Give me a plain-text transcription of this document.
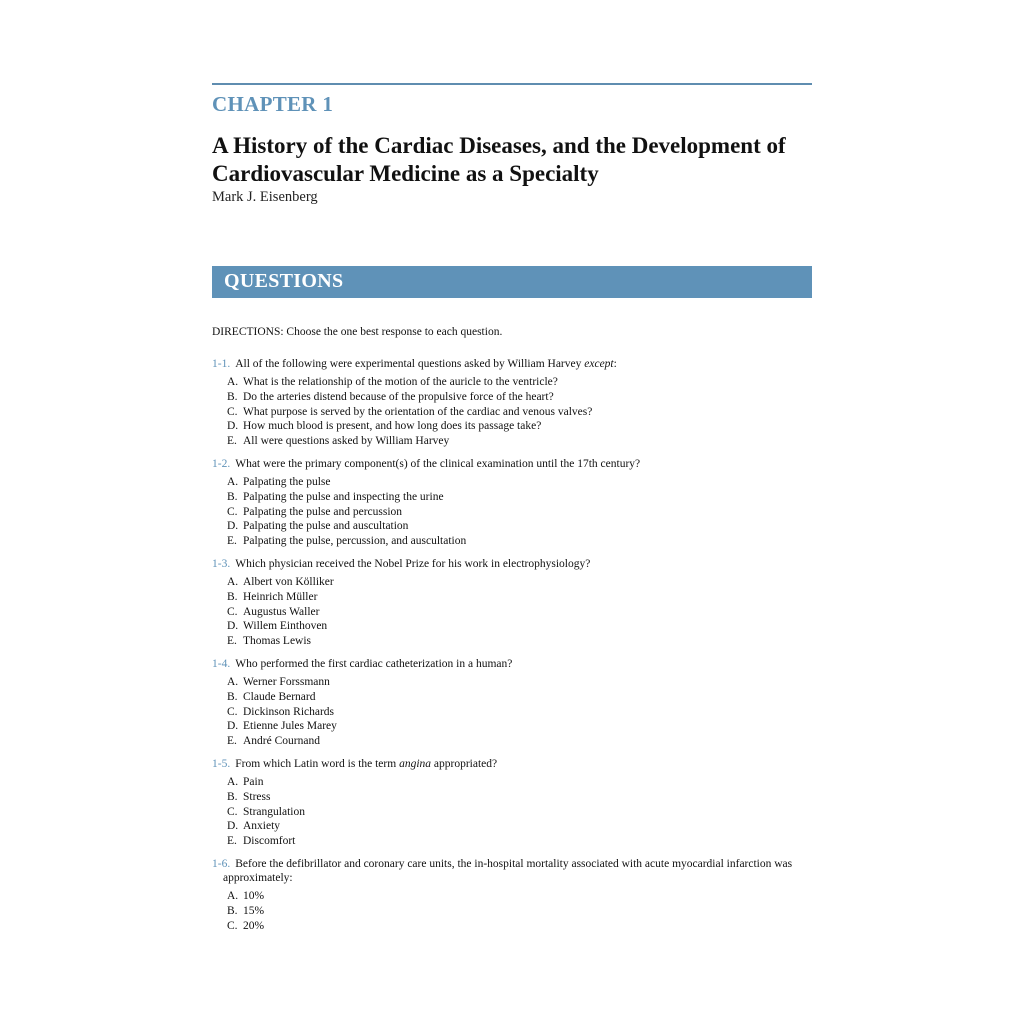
CHAPTER 1
A History of the Cardiac Diseases, and the Development of Cardiovascular Medicine as a Specialty
Mark J. Eisenberg
QUESTIONS
DIRECTIONS: Choose the one best response to each question.
1-1. All of the following were experimental questions asked by William Harvey except:
A. What is the relationship of the motion of the auricle to the ventricle?
B. Do the arteries distend because of the propulsive force of the heart?
C. What purpose is served by the orientation of the cardiac and venous valves?
D. How much blood is present, and how long does its passage take?
E. All were questions asked by William Harvey
1-2. What were the primary component(s) of the clinical examination until the 17th century?
A. Palpating the pulse
B. Palpating the pulse and inspecting the urine
C. Palpating the pulse and percussion
D. Palpating the pulse and auscultation
E. Palpating the pulse, percussion, and auscultation
1-3. Which physician received the Nobel Prize for his work in electrophysiology?
A. Albert von Kölliker
B. Heinrich Müller
C. Augustus Waller
D. Willem Einthoven
E. Thomas Lewis
1-4. Who performed the first cardiac catheterization in a human?
A. Werner Forssmann
B. Claude Bernard
C. Dickinson Richards
D. Etienne Jules Marey
E. André Cournand
1-5. From which Latin word is the term angina appropriated?
A. Pain
B. Stress
C. Strangulation
D. Anxiety
E. Discomfort
1-6. Before the defibrillator and coronary care units, the in-hospital mortality associated with acute myocardial infarction was approximately:
A. 10%
B. 15%
C. 20%
